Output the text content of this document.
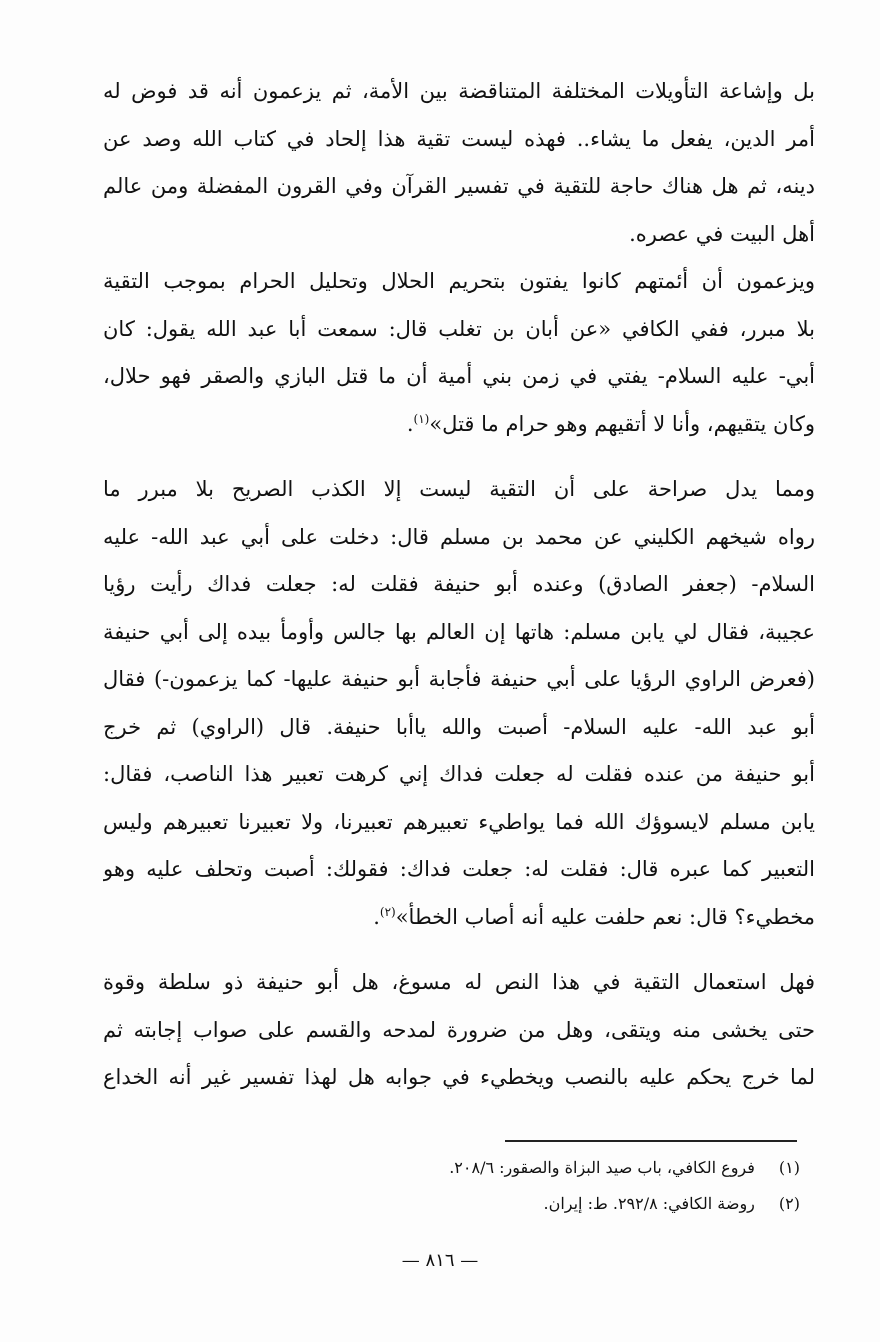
بل وإشاعة التأويلات المختلفة المتناقضة بين الأمة، ثم يزعمون أنه قد فوض له
أمر الدين، يفعل ما يشاء.. فهذه ليست تقية هذا إلحاد في كتاب الله وصد عن
دينه، ثم هل هناك حاجة للتقية في تفسير القرآن وفي القرون المفضلة ومن عالم
أهل البيت في عصره.

ويزعمون أن أئمتهم كانوا يفتون بتحريم الحلال وتحليل الحرام بموجب التقية
بلا مبرر، ففي الكافي «عن أبان بن تغلب قال: سمعت أبا عبد الله يقول: كان
أبي- عليه السلام- يفتي في زمن بني أمية أن ما قتل البازي والصقر فهو حلال،
وكان يتقيهم، وأنا لا أتقيهم وهو حرام ما قتل»$^{(١)}$.

ومما يدل صراحة على أن التقية ليست إلا الكذب الصريح بلا مبرر ما
رواه شيخهم الكليني عن محمد بن مسلم قال: دخلت على أبي عبد الله- عليه
السلام- (جعفر الصادق) وعنده أبو حنيفة فقلت له: جعلت فداك رأيت رؤيا
عجيبة، فقال لي يابن مسلم: هاتها إن العالم بها جالس وأومأ بيده إلى أبي حنيفة
(فعرض الراوي الرؤيا على أبي حنيفة فأجابة أبو حنيفة عليها- كما يزعمون-) فقال
أبو عبد الله- عليه السلام- أصبت والله ياأبا حنيفة. قال (الراوي) ثم خرج
أبو حنيفة من عنده فقلت له جعلت فداك إني كرهت تعبير هذا الناصب، فقال:
يابن مسلم لايسوؤك الله فما يواطيء تعبيرهم تعبيرنا، ولا تعبيرنا تعبيرهم وليس
التعبير كما عبره قال: فقلت له: جعلت فداك: فقولك: أصبت وتحلف عليه وهو
مخطيء؟ قال: نعم حلفت عليه أنه أصاب الخطأ»$^{(٢)}$.

فهل استعمال التقية في هذا النص له مسوغ، هل أبو حنيفة ذو سلطة وقوة
حتى يخشى منه ويتقى، وهل من ضرورة لمدحه والقسم على صواب إجابته ثم
لما خرج يحكم عليه بالنصب ويخطيء في جوابه هل لهذا تفسير غير أنه الخداع

(١) فروع الكافي، باب صيد البزاة والصقور: ٢٠٨/٦.
(٢) روضة الكافي: ٢٩٢/٨. ط: إيران.
— ٨١٦ —
